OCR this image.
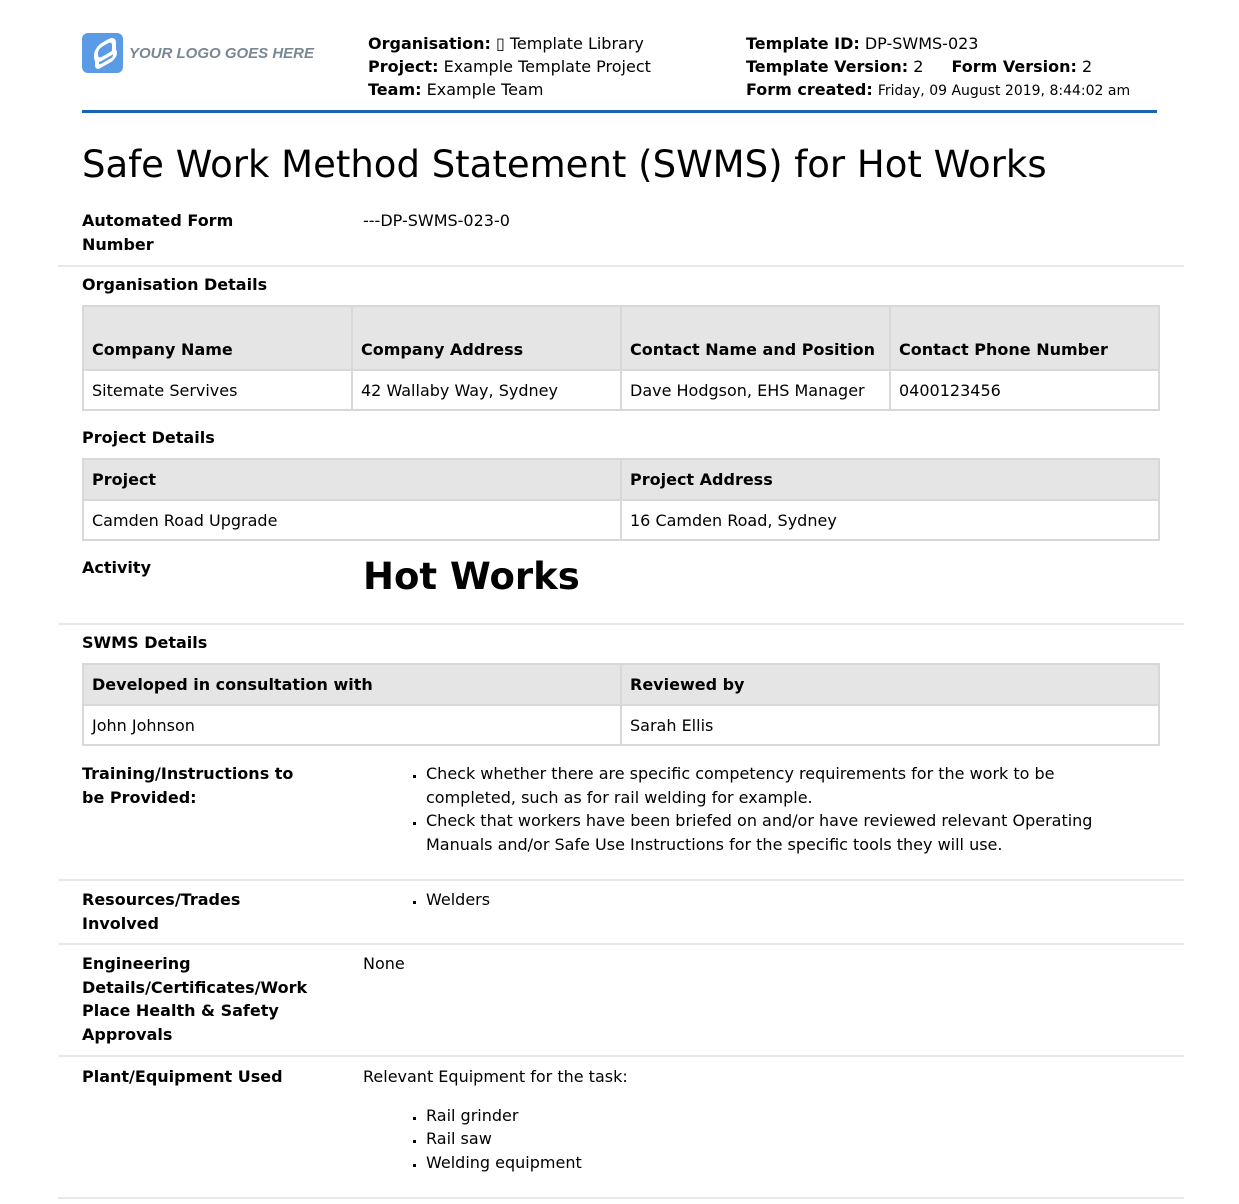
YOUR LOGO GOES HERE	Organisation: ▯ Template Library
Project: Example Template Project
Team: Example Team
Template ID: DP-SWMS-023
Template Version: 2 Form Version: 2
Form created: Friday, 09 August 2019, 8:44:02 am
Safe Work Method Statement (SWMS) for Hot Works
Automated Form Number
---DP-SWMS-023-0
Organisation Details
Company Name	Company Address	Contact Name and Position	Contact Phone Number
Sitemate Servives	42 Wallaby Way, Sydney	Dave Hodgson, EHS Manager	0400123456
Project Details
Project	Project Address
Camden Road Upgrade	16 Camden Road, Sydney
Activity	Hot Works
SWMS Details
Developed in consultation with	Reviewed by
John Johnson	Sarah Ellis
Training/Instructions to be Provided:
▪ Check whether there are specific competency requirements for the work to be completed, such as for rail welding for example.
▪ Check that workers have been briefed on and/or have reviewed relevant Operating Manuals and/or Safe Use Instructions for the specific tools they will use.
Resources/Trades Involved
▪ Welders
Engineering Details/Certificates/Work Place Health & Safety Approvals
None
Plant/Equipment Used	Relevant Equipment for the task:
▪ Rail grinder
▪ Rail saw
▪ Welding equipment
